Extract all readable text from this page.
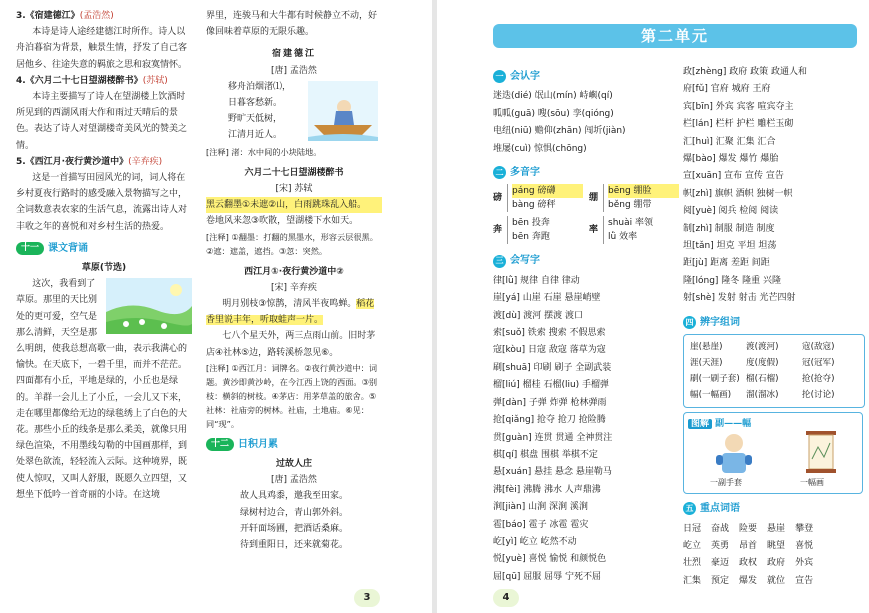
3.《宿建德江》(孟浩然)
本诗是诗人途经建德江时所作。诗人以舟泊暮宿为背景，触景生情，抒发了自己客居他乡、往途失意的羁旅之思和寂寞情怀。
4.《六月二十七日望湖楼醉书》(苏轼)
本诗主要描写了诗人在望湖楼上饮酒时所见到的西湖风雨大作和雨过天晴后的景色。表达了诗人对望湖楼奇美风光的赞美之情。
5.《西江月·夜行黄沙道中》(辛弃疾)
这是一首描写田园风光的词，词人将在乡村夏夜行路时的感受融入景物描写之中，全词数意表农家的生活气息，流露出诗人对丰收之年的喜悦和对乡村生活的热爱。
十一 课文背诵
草原(节选)
这次，我看到了草原。那里的天比别处的更可爱，空气是那么清鲜，天空是那么明朗，使我总想高歌一曲，表示我满心的愉快。在天底下，一碧千里，而并不茫茫。四面都有小丘，平地是绿的，小丘也是绿的。羊群一会儿上了小丘，一会儿又下来，走在哪里都像给无边的绿毯绣上了白色的大花。那些小丘的线条是那么柔美，就像只用绿色渲染，不用墨线勾勒的中国画那样，到处翠色欲流，轻轻流入云际。这种境界，既使人惊叹，又叫人舒服，既愿久立四望，又想坐下低吟一首奇丽的小诗。在这境
界里，连骏马和大牛都有时候静立不动，好像回味着草原的无限乐趣。
宿建德江
[唐] 孟浩然
移舟泊烟渚⑴，
日暮客愁新。
野旷天低树，
江清月近人。
[注释] 渚：水中间的小块陆地。
六月二十七日望湖楼醉书
[宋] 苏轼
黑云翻墨①未遮②山，白雨跳珠乱入船。
卷地风来忽③吹散，望湖楼下水如天。
[注释] ①翻墨：打翻的黑墨水，形容云层很黑。②遮：遮盖，遮挡。③忽：突然。
西江月①·夜行黄沙道中②
[宋] 辛弃疾
明月别枝③惊鹊，清风半夜鸣蝉。稻花香里说丰年，听取蛙声一片。
七八个星天外，两三点雨山前。旧时茅店④社林⑤边，路转溪桥忽见⑥。
[注释] ①西江月：词牌名。②夜行黄沙道中：词题。黄沙即黄沙岭，在今江西上饶的西面。③别枝：横斜的树枝。④茅店：用茅草盖的旅舍。⑤社林：社庙旁的树林。社庙，土地庙。⑥见：同“现”。
十二 日积月累
过故人庄
[唐] 孟浩然
故人具鸡黍，邀我至田家。
绿树村边合，青山郭外斜。
开轩面场圃，把酒话桑麻。
待到重阳日，还来就菊花。
3
第二单元
一 会认字
迷迭(dié) 氓山(mín) 峙嶼(qí)
呱呱(guā) 嗖(sōu) 孪(qióng)
电纽(niū) 赡仰(zhān) 闯圻(jiàn)
堆屡(cuì) 惊惧(chōng)
二 多音字
磅
páng 磅礴
bàng 磅秤
绷
bēng 绷脸
běng 绷带
奔
bēn 投奔
bēn 奔跑
率
shuài 率领
lǜ 效率
三 会写字
律[lǜ] 规律 自律 律动
崖[yá] 山崖 石崖 悬崖峭壁
渡[dù] 渡河 摆渡 渡口
索[suǒ] 铁索 搜索 不假思索
寇[kòu] 日寇 敌寇 落草为寇
刷[shuā] 印刷 刷子 全副武装
榴[liú] 榴桂 石榴(liu) 手榴弹
弹[dàn] 子弹 炸弹 枪林弹雨
抢[qiǎng] 抢夺 抢刀 抢险腾
贯[guàn] 连贯 贯通 全神贯注
棋[qí] 棋盘 围棋 举棋不定
悬[xuán] 悬挂 悬念 悬崖勒马
沸[fèi] 沸腾 沸水 人声鼎沸
涧[jiàn] 山涧 深涧 溪涧
雹[báo] 雹子 冰雹 雹灾
屹[yì] 屹立 屹然不动
悦[yuè] 喜悦 愉悦 和颜悦色
屈[qū] 屈服 屈辱 宁死不屈
政[zhèng] 政府 政策 政通人和
府[fǔ] 官府 城府 王府
宾[bīn] 外宾 宾客 喧宾夺主
栏[lán] 栏杆 护栏 雕栏玉砌
汇[huì] 汇聚 汇集 汇合
爆[bào] 爆发 爆竹 爆胎
宣[xuān] 宣布 宣传 宣告
帜[zhì] 旗帜 酒帜 独树一帜
阅[yuè] 阅兵 检阅 阅读
制[zhì] 制服 制造 制度
坦[tǎn] 坦克 平坦 坦荡
距[jù] 距离 差距 间距
隆[lóng] 隆冬 隆重 兴隆
射[shè] 发射 射击 光芒四射
四 辨字组词
崖(悬崖)	渡(渡河)	寇(敌寇)
涯(天涯)	度(度假)	冠(冠军)
刷(一刷子套) 榴(石榴)	抢(抢夺)
幅(一幅画)	溜(溜冰)	抡(讨论)
图解 副——幅
一副手套	一幅画
五 重点词语
日冠 奋战 险要 悬崖 攀登
屹立 英勇 昂首 眺望 喜悦
壮烈 豪迈 政权 政府 外宾
汇集 预定 爆发 就位 宣告
4
